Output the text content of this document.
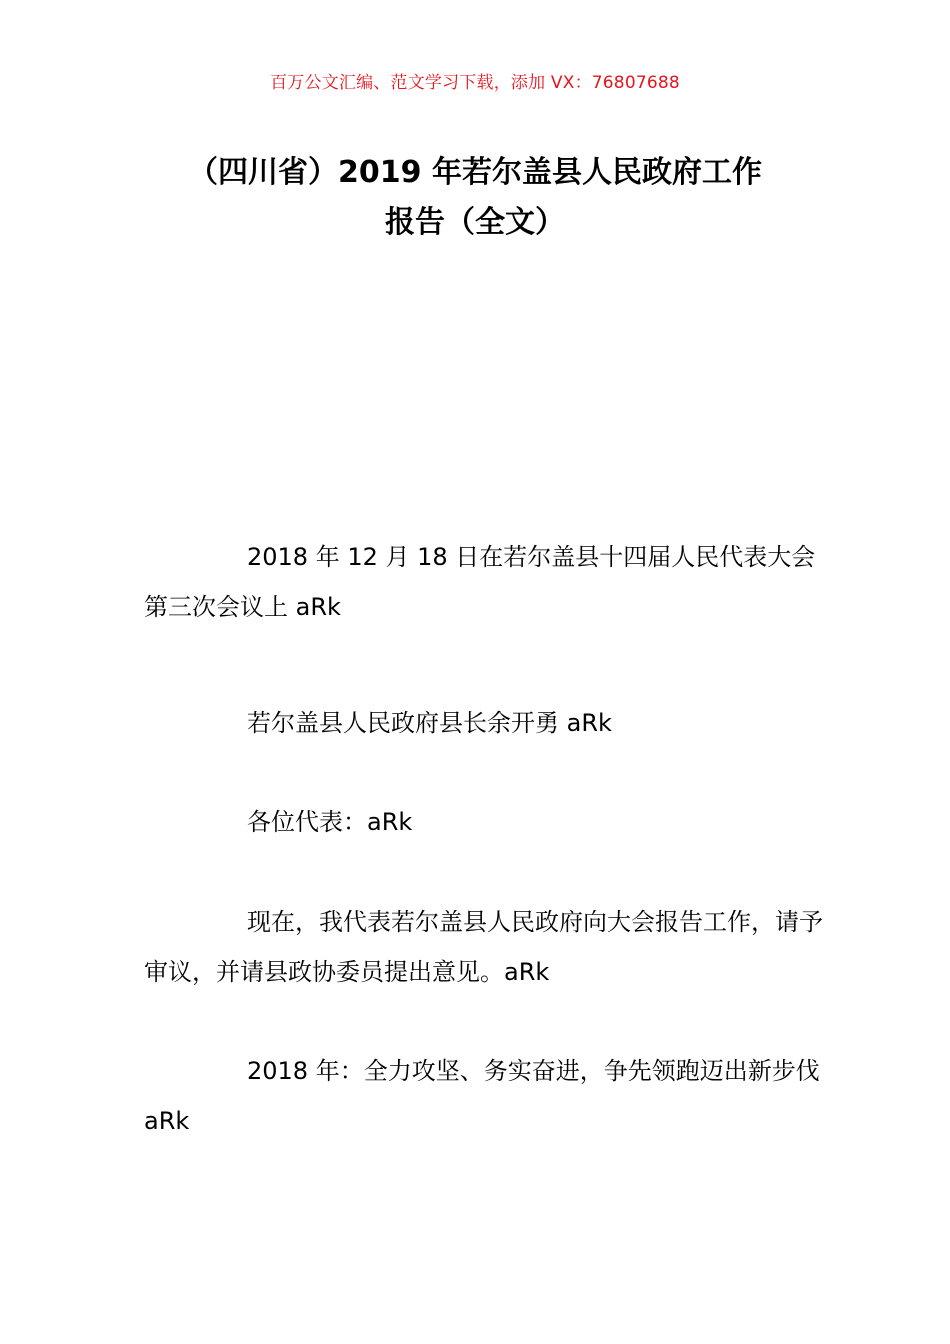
百万公文汇编、范文学习下载，添加 VX：76807688
（四川省）2019 年若尔盖县人民政府工作
报告（全文）

2018 年 12 月 18 日在若尔盖县十四届人民代表大会第三次会议上 aRk

若尔盖县人民政府县长余开勇 aRk

各位代表：aRk

现在，我代表若尔盖县人民政府向大会报告工作，请予审议，并请县政协委员提出意见。aRk

2018 年：全力攻坚、务实奋进，争先领跑迈出新步伐 aRk
